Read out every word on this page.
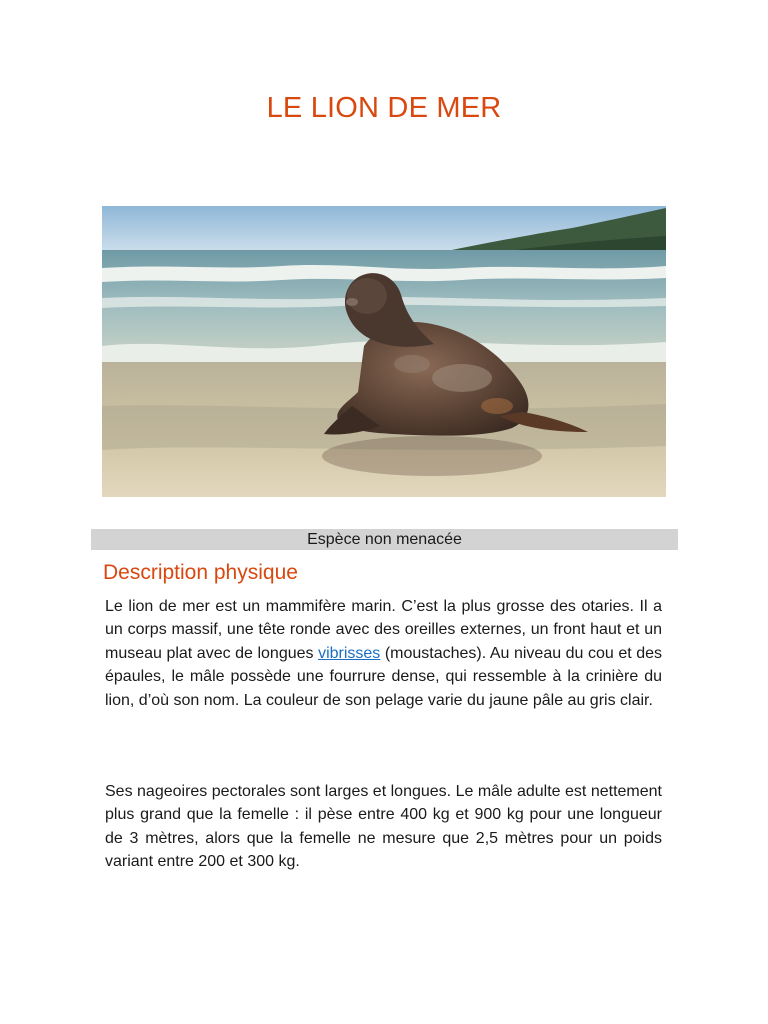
LE LION DE MER
Espèce non menacée
Description physique

Le lion de mer est un mammifère marin. C’est la plus grosse des otaries. Il a un corps massif, une tête ronde avec des oreilles externes, un front haut et un museau plat avec de longues vibrisses (moustaches). Au niveau du cou et des épaules, le mâle possède une fourrure dense, qui ressemble à la crinière du lion, d’où son nom. La couleur de son pelage varie du jaune pâle au gris clair.

Ses nageoires pectorales sont larges et longues. Le mâle adulte est nettement plus grand que la femelle : il pèse entre 400 kg et 900 kg pour une longueur de 3 mètres, alors que la femelle ne mesure que 2,5 mètres pour un poids variant entre 200 et 300 kg.
